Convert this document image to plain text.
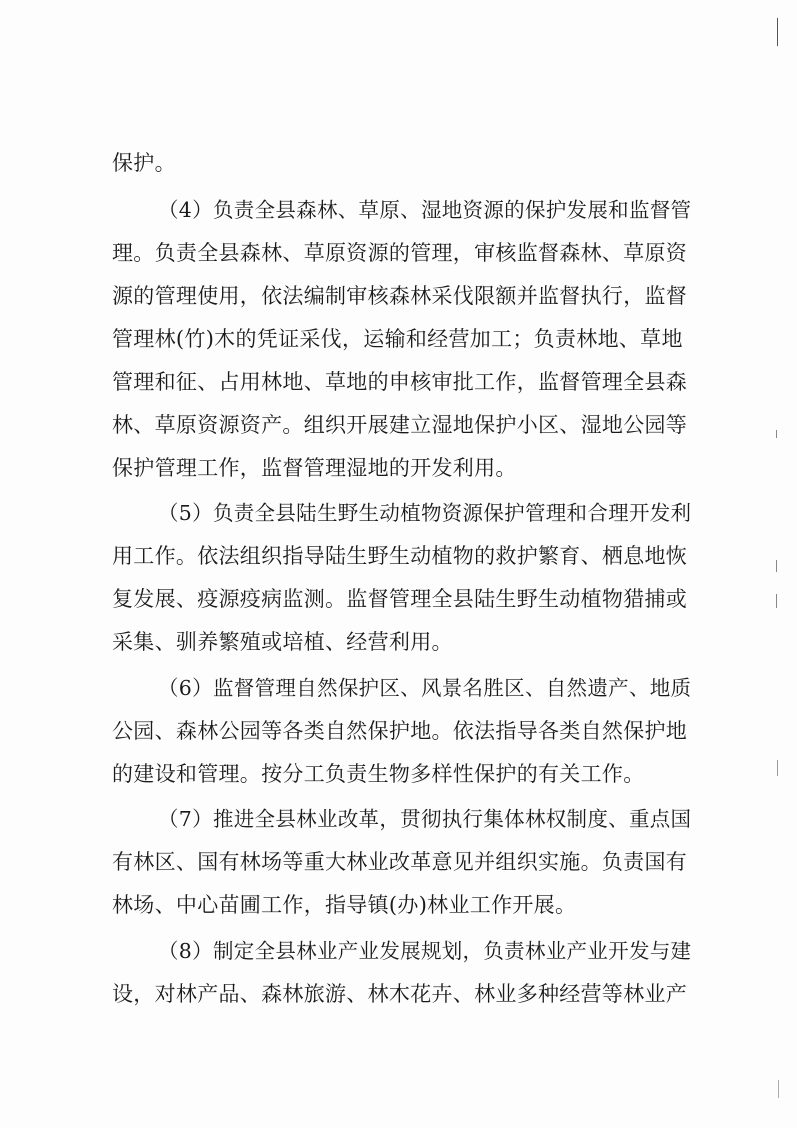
保护。
（4）负责全县森林、草原、湿地资源的保护发展和监督管
理。负责全县森林、草原资源的管理，审核监督森林、草原资
源的管理使用，依法编制审核森林采伐限额并监督执行，监督
管理林(竹)木的凭证采伐，运输和经营加工；负责林地、草地
管理和征、占用林地、草地的申核审批工作，监督管理全县森
林、草原资源资产。组织开展建立湿地保护小区、湿地公园等
保护管理工作，监督管理湿地的开发利用。
（5）负责全县陆生野生动植物资源保护管理和合理开发利
用工作。依法组织指导陆生野生动植物的救护繁育、栖息地恢
复发展、疫源疫病监测。监督管理全县陆生野生动植物猎捕或
采集、驯养繁殖或培植、经营利用。
（6）监督管理自然保护区、风景名胜区、自然遗产、地质
公园、森林公园等各类自然保护地。依法指导各类自然保护地
的建设和管理。按分工负责生物多样性保护的有关工作。
（7）推进全县林业改革，贯彻执行集体林权制度、重点国
有林区、国有林场等重大林业改革意见并组织实施。负责国有
林场、中心苗圃工作，指导镇(办)林业工作开展。
（8）制定全县林业产业发展规划，负责林业产业开发与建
设，对林产品、森林旅游、林木花卉、林业多种经营等林业产
